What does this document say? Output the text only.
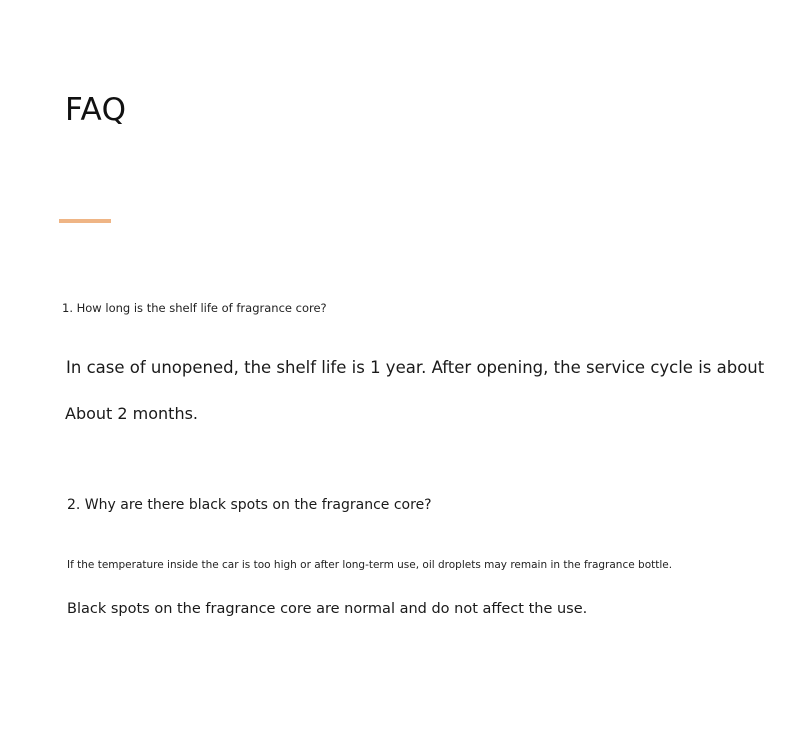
FAQ
1. How long is the shelf life of fragrance core?
In case of unopened, the shelf life is 1 year. After opening, the service cycle is about
About 2 months.
2. Why are there black spots on the fragrance core?
If the temperature inside the car is too high or after long-term use, oil droplets may remain in the fragrance bottle.
Black spots on the fragrance core are normal and do not affect the use.
